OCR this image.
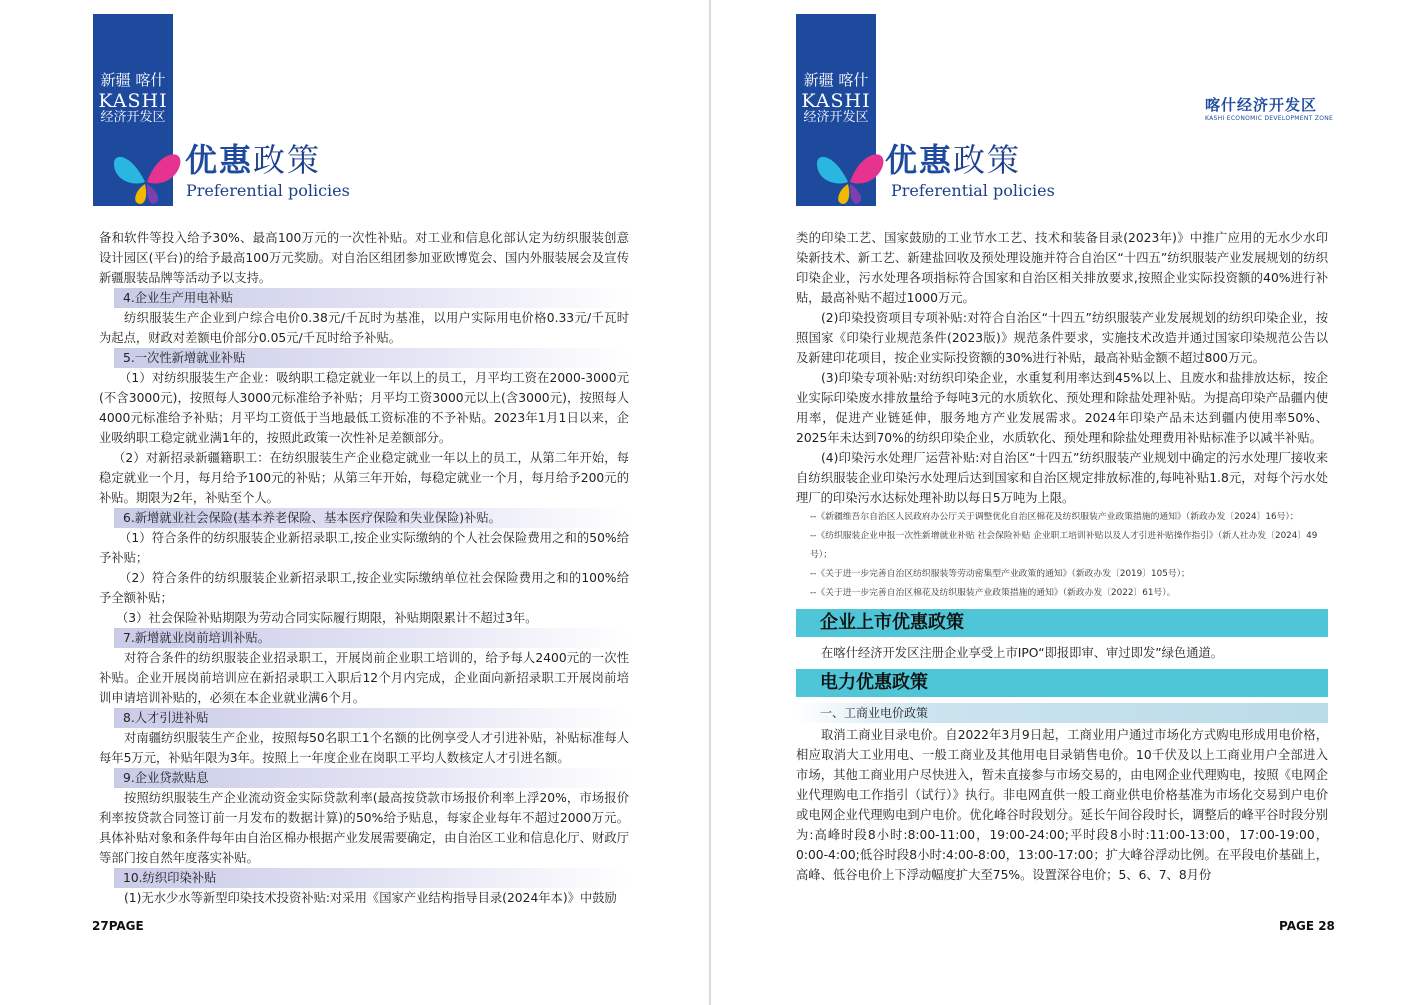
新疆 喀什
KASHI
经济开发区
优惠政策
Preferential policies

备和软件等投入给予30%、最高100万元的一次性补贴。对工业和信息化部认定为纺织服装创意设计园区(平台)的给予最高100万元奖励。对自治区组团参加亚欧博览会、国内外服装展会及宣传新疆服装品牌等活动予以支持。

4.企业生产用电补贴

纺织服装生产企业到户综合电价0.38元/千瓦时为基准，以用户实际用电价格0.33元/千瓦时为起点，财政对差额电价部分0.05元/千瓦时给予补贴。

5.一次性新增就业补贴

（1）对纺织服装生产企业：吸纳职工稳定就业一年以上的员工，月平均工资在2000-3000元(不含3000元)，按照每人3000元标准给予补贴；月平均工资3000元以上(含3000元)，按照每人4000元标准给予补贴；月平均工资低于当地最低工资标准的不予补贴。2023年1月1日以来，企业吸纳职工稳定就业满1年的，按照此政策一次性补足差额部分。

（2）对新招录新疆籍职工：在纺织服装生产企业稳定就业一年以上的员工，从第二年开始，每稳定就业一个月，每月给予100元的补贴；从第三年开始，每稳定就业一个月，每月给予200元的补贴。期限为2年，补贴至个人。

6.新增就业社会保险(基本养老保险、基本医疗保险和失业保险)补贴。

（1）符合条件的纺织服装企业新招录职工,按企业实际缴纳的个人社会保险费用之和的50%给予补贴；

（2）符合条件的纺织服装企业新招录职工,按企业实际缴纳单位社会保险费用之和的100%给予全额补贴；

（3）社会保险补贴期限为劳动合同实际履行期限，补贴期限累计不超过3年。

7.新增就业岗前培训补贴。

对符合条件的纺织服装企业招录职工，开展岗前企业职工培训的，给予每人2400元的一次性补贴。企业开展岗前培训应在新招录职工入职后12个月内完成，企业面向新招录职工开展岗前培训申请培训补贴的，必须在本企业就业满6个月。

8.人才引进补贴

对南疆纺织服装生产企业，按照每50名职工1个名额的比例享受人才引进补贴，补贴标准每人每年5万元，补贴年限为3年。按照上一年度企业在岗职工平均人数核定人才引进名额。

9.企业贷款贴息

按照纺织服装生产企业流动资金实际贷款利率(最高按贷款市场报价利率上浮20%，市场报价利率按贷款合同签订前一月发布的数据计算)的50%给予贴息，每家企业每年不超过2000万元。具体补贴对象和条件每年由自治区棉办根据产业发展需要确定，由自治区工业和信息化厅、财政厅等部门按自然年度落实补贴。

10.纺织印染补贴

(1)无水少水等新型印染技术投资补贴:对采用《国家产业结构指导目录(2024年本)》中鼓励

27PAGE
新疆 喀什
KASHI
经济开发区
优惠政策
Preferential policies
喀什经济开发区
KASHI ECONOMIC DEVELOPMENT ZONE

类的印染工艺、国家鼓励的工业节水工艺、技术和装备目录(2023年)》中推广应用的无水少水印染新技术、新工艺、新建盐回收及预处理设施并符合自治区“十四五”纺织服装产业发展规划的纺织印染企业，污水处理各项指标符合国家和自治区相关排放要求,按照企业实际投资额的40%进行补贴，最高补贴不超过1000万元。

(2)印染投资项目专项补贴:对符合自治区“十四五”纺织服装产业发展规划的纺织印染企业，按照国家《印染行业规范条件(2023版)》规范条件要求，实施技术改造并通过国家印染规范公告以及新建印花项目，按企业实际投资额的30%进行补贴，最高补贴金额不超过800万元。

(3)印染专项补贴:对纺织印染企业，水重复利用率达到45%以上、且废水和盐排放达标，按企业实际印染废水排放量给予每吨3元的水质软化、预处理和除盐处理补贴。为提高印染产品疆内使用率，促进产业链延伸，服务地方产业发展需求。2024年印染产品未达到疆内使用率50%、2025年未达到70%的纺织印染企业，水质软化、预处理和除盐处理费用补贴标准予以减半补贴。

(4)印染污水处理厂运营补贴:对自治区“十四五”纺织服装产业规划中确定的污水处理厂接收来自纺织服装企业印染污水处理后达到国家和自治区规定排放标准的,每吨补贴1.8元，对每个污水处理厂的印染污水达标处理补助以每日5万吨为上限。

--《新疆维吾尔自治区人民政府办公厅关于调整优化自治区棉花及纺织服装产业政策措施的通知》（新政办发〔2024〕16号）；
--《纺织服装企业申报一次性新增就业补贴 社会保险补贴 企业职工培训补贴以及人才引进补贴操作指引》（新人社办发〔2024〕49号）；
--《关于进一步完善自治区纺织服装等劳动密集型产业政策的通知》（新政办发〔2019〕105号）；
--《关于进一步完善自治区棉花及纺织服装产业政策措施的通知》（新政办发〔2022〕61号）。
企业上市优惠政策

在喀什经济开发区注册企业享受上市IPO“即报即审、审过即发”绿色通道。

电力优惠政策
一、工商业电价政策

取消工商业目录电价。自2022年3月9日起，工商业用户通过市场化方式购电形成用电价格，相应取消大工业用电、一般工商业及其他用电目录销售电价。10千伏及以上工商业用户全部进入市场，其他工商业用户尽快进入，暂未直接参与市场交易的，由电网企业代理购电，按照《电网企业代理购电工作指引（试行）》执行。非电网直供一般工商业供电价格基准为市场化交易到户电价或电网企业代理购电到户电价。优化峰谷时段划分。延长午间谷段时长，调整后的峰平谷时段分别为:高峰时段8小时:8:00-11:00，19:00-24:00;平时段8小时:11:00-13:00，17:00-19:00，0:00-4:00;低谷时段8小时:4:00-8:00，13:00-17:00；扩大峰谷浮动比例。在平段电价基础上，高峰、低谷电价上下浮动幅度扩大至75%。设置深谷电价；5、6、7、8月份

PAGE 28
